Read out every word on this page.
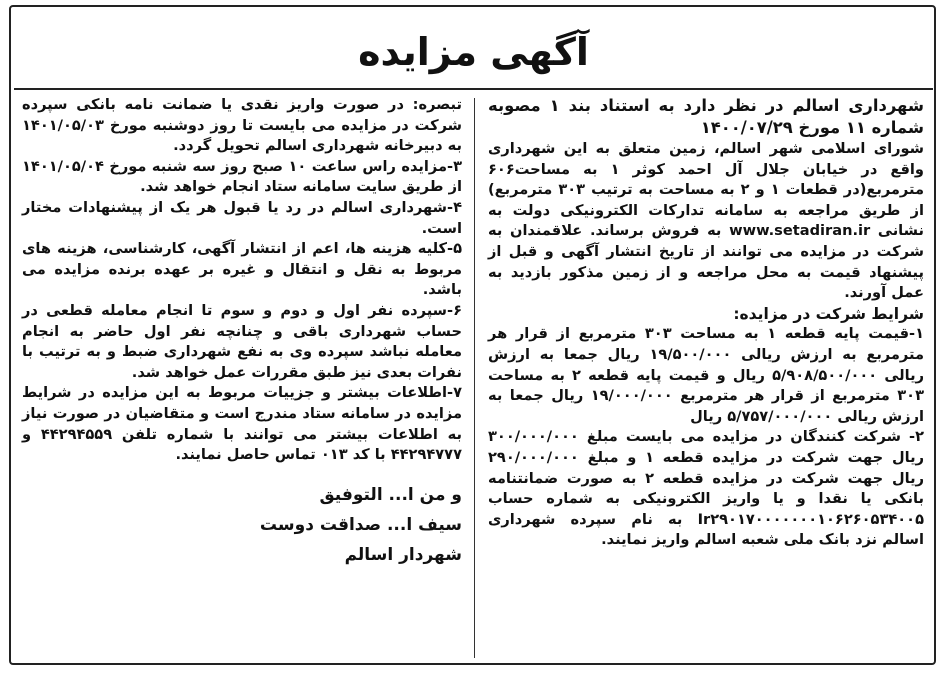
آگهی مزایده

شهرداری اسالم در نظر دارد به استناد بند ۱ مصوبه شماره ۱۱ مورخ ۱۴۰۰/۰۷/۲۹

شورای اسلامی شهر اسالم، زمین متعلق به این شهرداری واقع در خیابان جلال آل احمد کوثر ۱ به مساحت۶۰۶ مترمربع(در قطعات ۱ و ۲ به مساحت به ترتیب ۳۰۳ مترمربع) از طریق مراجعه به سامانه تدارکات الکترونیکی دولت به نشانی www.setadiran.ir به فروش برساند. علاقمندان به شرکت در مزایده می توانند از تاریخ انتشار آگهی و قبل از پیشنهاد قیمت به محل مراجعه و از زمین مذکور بازدید به عمل آورند.

شرایط شرکت در مزایده:

۱-قیمت پایه قطعه ۱ به مساحت ۳۰۳ مترمربع از قرار هر مترمربع به ارزش ریالی ۱۹/۵۰۰/۰۰۰ ریال جمعا به ارزش ریالی ۵/۹۰۸/۵۰۰/۰۰۰ ریال و قیمت پایه قطعه ۲ به مساحت ۳۰۳ مترمربع از قرار هر مترمربع ۱۹/۰۰۰/۰۰۰ ریال جمعا به ارزش ریالی ۵/۷۵۷/۰۰۰/۰۰۰ ریال

۲- شرکت کنندگان در مزایده می بایست مبلغ ۳۰۰/۰۰۰/۰۰۰ ریال جهت شرکت در مزایده قطعه ۱ و مبلغ ۲۹۰/۰۰۰/۰۰۰ ریال جهت شرکت در مزایده قطعه ۲ به صورت ضمانتنامه بانکی یا نقدا و یا واریز الکترونیکی به شماره حساب Ir۲۹۰۱۷۰۰۰۰۰۰۰۱۰۶۲۶۰۵۳۴۰۰۵ به نام سپرده شهرداری اسالم نزد بانک ملی شعبه اسالم واریز نمایند.

تبصره: در صورت واریز نقدی یا ضمانت نامه بانکی سپرده شرکت در مزایده می بایست تا روز دوشنبه مورخ ۱۴۰۱/۰۵/۰۳ به دبیرخانه شهرداری اسالم تحویل گردد.

۳-مزایده راس ساعت ۱۰ صبح روز سه شنبه مورخ ۱۴۰۱/۰۵/۰۴ از طریق سایت سامانه ستاد انجام خواهد شد.

۴-شهرداری اسالم در رد یا قبول هر یک از پیشنهادات مختار است.

۵-کلیه هزینه ها، اعم از انتشار آگهی، کارشناسی، هزینه های مربوط به نقل و انتقال و غیره بر عهده برنده مزایده می باشد.

۶-سپرده نفر اول و دوم و سوم تا انجام معامله قطعی در حساب شهرداری باقی و چنانچه نفر اول حاضر به انجام معامله نباشد سپرده وی به نفع شهرداری ضبط و به ترتیب با نفرات بعدی نیز طبق مقررات عمل خواهد شد.

۷-اطلاعات بیشتر و جزییات مربوط به این مزایده در شرایط مزایده در سامانه ستاد مندرج است و متقاضیان در صورت نیاز به اطلاعات بیشتر می توانند با شماره تلفن ۴۴۲۹۴۵۵۹ و ۴۴۲۹۴۷۷۷ با کد ۰۱۳ تماس حاصل نمایند.

و من ا... التوفیق
سیف ا... صداقت دوست
شهردار اسالم
